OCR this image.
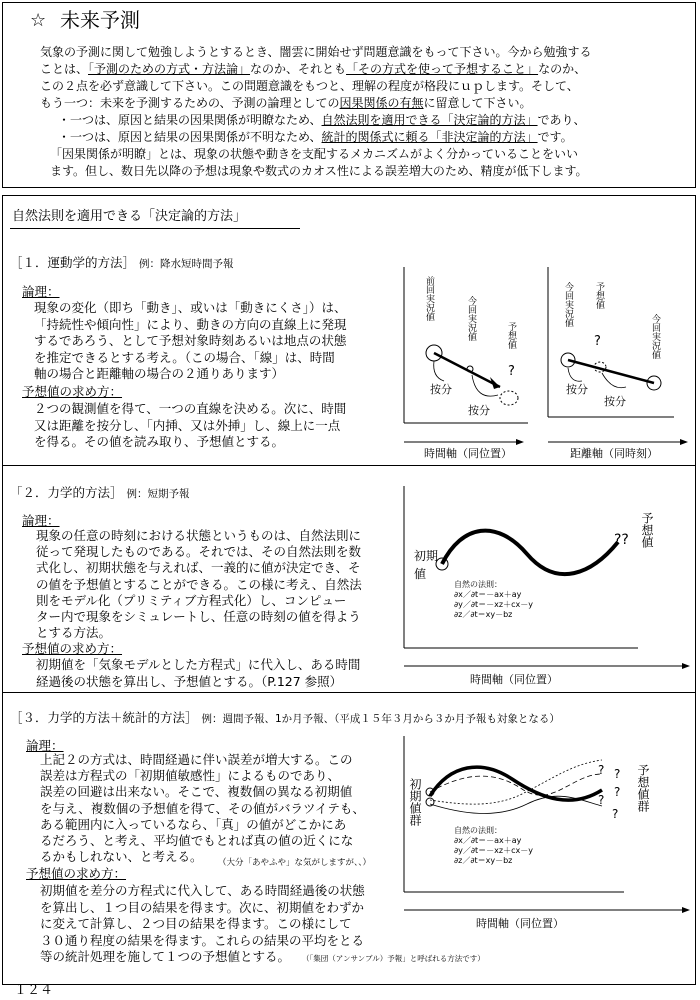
☆ 未来予測
気象の予測に関して勉強しようとするとき、闇雲に開始せず問題意識をもって下さい。今から勉強する
ことは、「予測のための方式・方法論」なのか、それとも「その方式を使って予想すること」なのか、
この２点を必ず意識して下さい。この問題意識をもつと、理解の程度が格段にｕｐします。そして、
もう一つ：未来を予測するための、予測の論理としての因果関係の有無に留意して下さい。
・一つは、原因と結果の因果関係が明瞭なため、自然法則を適用できる「決定論的方法」であり、
・一つは、原因と結果の因果関係が不明なため、統計的関係式に頼る「非決定論的方法」です。
「因果関係が明瞭」とは、現象の状態や動きを支配するメカニズムがよく分かっていることをいい
ます。但し、数日先以降の予想は現象や数式のカオス性による誤差増大のため、精度が低下します。
自然法則を適用できる「決定論的方法」
［１．運動学的方法］ 例：降水短時間予報
論理：
現象の変化（即ち「動き」、或いは「動きにくさ」）は、
「持続性や傾向性」により、動きの方向の直線上に発現
するであろう、として予想対象時刻あるいは地点の状態
を推定できるとする考え。（この場合、「線」は、時間
軸の場合と距離軸の場合の２通りあります）
予想値の求め方：
２つの観測値を得て、一つの直線を決める。次に、時間
又は距離を按分し、「内挿、又は外挿」し、線上に一点
を得る。その値を読み取り、予想値とする。
前回実況値	今回実況値	予想値
?
按分
按分
時間軸（同位置）
今回実況値 予想値
今回実況値
?
按分
按分
距離軸（同時刻）
「２．力学的方法］ 例：短期予報
論理：
現象の任意の時刻における状態というものは、自然法則に
従って発現したものである。それでは、その自然法則を数
式化し、初期状態を与えれば、一義的に値が決定でき、そ
の値を予想値とすることができる。この様に考え、自然法
則をモデル化（プリミティブ方程式化）し、コンピュー
ター内で現象をシミュレートし、任意の時刻の値を得よう
とする方法。
予想値の求め方：
初期値を「気象モデルとした方程式」に代入し、ある時間
経過後の状態を算出し、予想値とする。（P.127 参照）
初期
値
予想値
??
自然の法則：
∂x／∂t＝－ax＋ay
∂y／∂t＝－xz＋cx－y
∂z／∂t＝xy－bz
時間軸（同位置）
［３．力学的方法＋統計的方法］ 例：週間予報、1か月予報、（平成１５年３月から３か月予報も対象となる）
論理：
上記２の方式は、時間経過に伴い誤差が増大する。この
誤差は方程式の「初期値敏感性」によるものであり、
誤差の回避は出来ない。そこで、複数個の異なる初期値
を与え、複数個の予想値を得て、その値がバラツイテも、
ある範囲内に入っているなら、「真」の値がどこかにあ
るだろう、と考え、平均値でもとれば真の値の近くにな
るかもしれない、と考える。 （大分「あやふや」な気がしますが、、）
予想値の求め方：
初期値を差分の方程式に代入して、ある時間経過後の状態
を算出し、１つ目の結果を得ます。次に、初期値をわずか
に変えて計算し、２つ目の結果を得ます。この様にして
３０通り程度の結果を得ます。これらの結果の平均をとる
等の統計処理を施して１つの予想値とする。 （「集団（アンサンブル）予報」と呼ばれる方法です）
初期値群	予想値群
? ?
?
?
?
自然の法則：
∂x／∂t＝－ax＋ay
∂y／∂t＝－xz＋cx－y
∂z／∂t＝xy－bz
時間軸（同位置）
１２４
